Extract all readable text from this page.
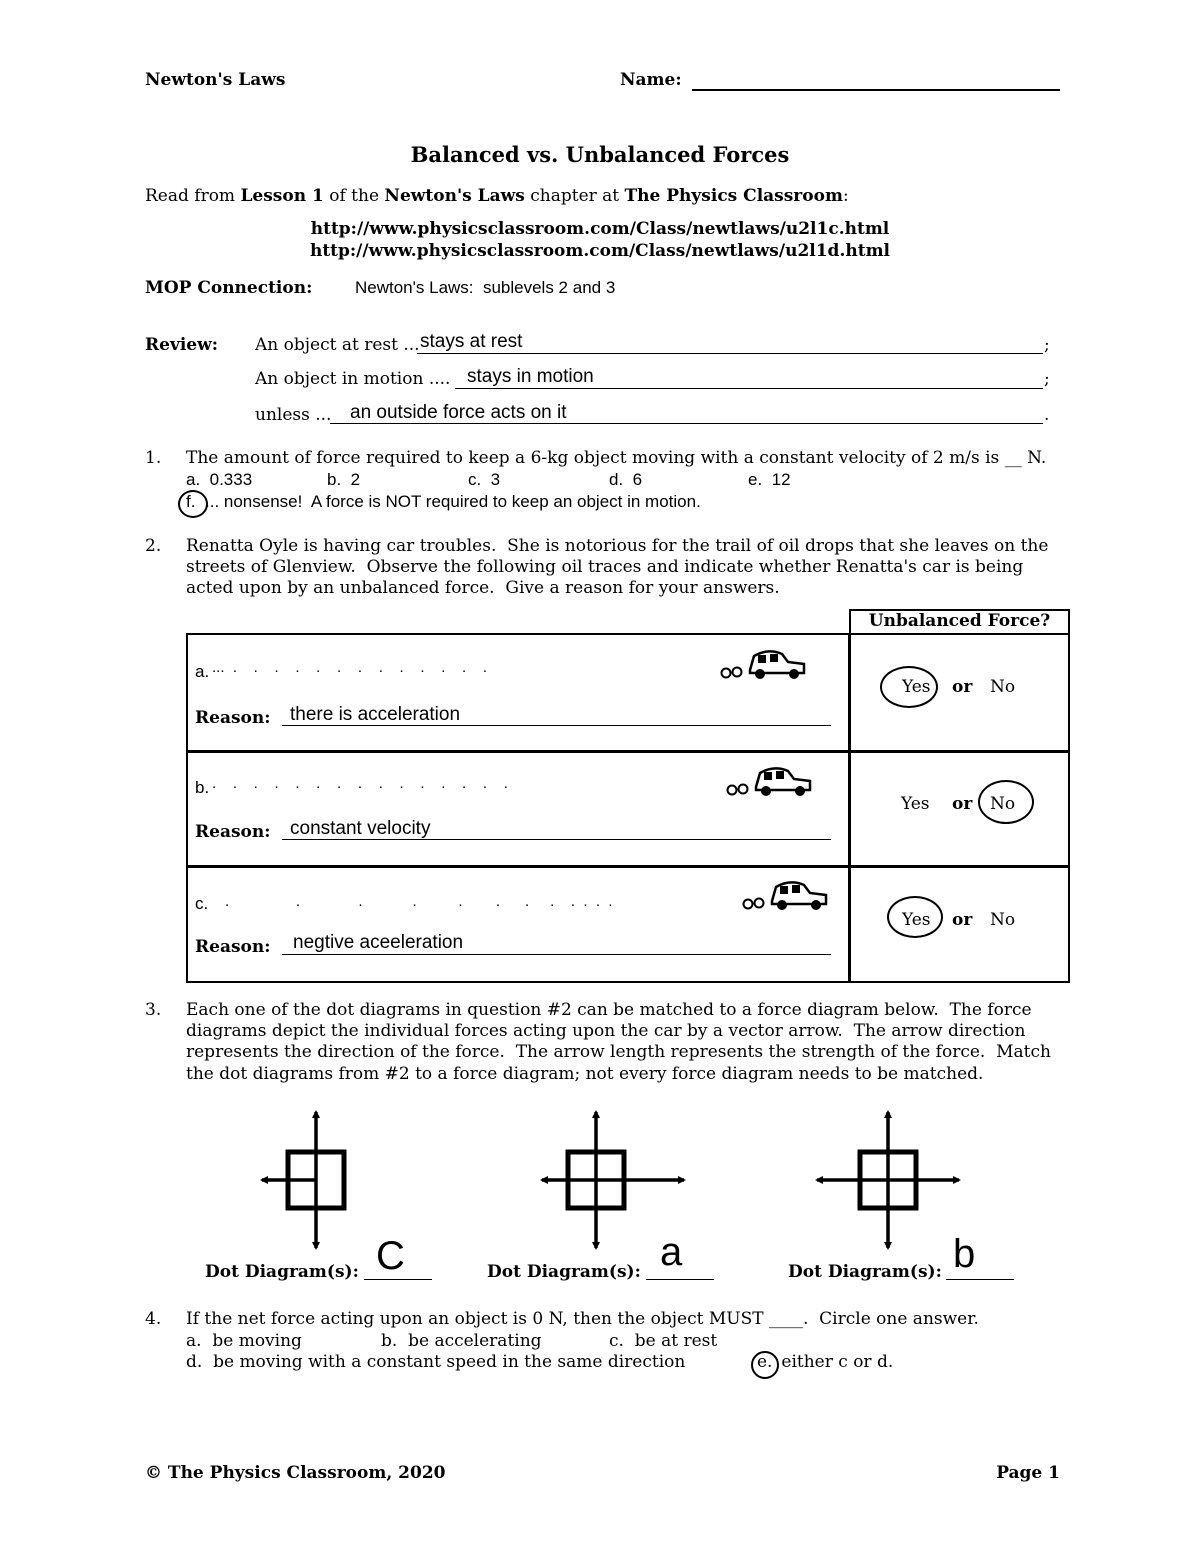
Newton's Laws	Name:
Balanced vs. Unbalanced Forces
Read from Lesson 1 of the Newton's Laws chapter at The Physics Classroom:
http://www.physicsclassroom.com/Class/newtlaws/u2l1c.html
http://www.physicsclassroom.com/Class/newtlaws/u2l1d.html
MOP Connection:	Newton's Laws:  sublevels 2 and 3
Review: An object at rest ... stays at rest	;
An object in motion .... stays in motion	;
unless ... an outside force acts on it	.
1. The amount of force required to keep a 6-kg object moving with a constant velocity of 2 m/s is __ N.
a.  0.333	b.  2	c.  3	d.  6	e.  12
f. ... nonsense!  A force is NOT required to keep an object in motion.
2. Renatta Oyle is having car troubles.  She is notorious for the trail of oil drops that she leaves on the
streets of Glenview.  Observe the following oil traces and indicate whether Renatta's car is being
acted upon by an unbalanced force.  Give a reason for your answers.
Unbalanced Force?
a. ...  .    .    .    .    .    .    .    .    .    .    .    .    .
Reason: there is acceleration
Yes or No
b. .    .    .    .    .    .    .    .    .    .    .    .    .    .    .
Reason: constant velocity
Yes or No
c. .                .              .            .          .        .      .     .    .  .  .  .
Reason: negtive aceeleration
Yes or No
3. Each one of the dot diagrams in question #2 can be matched to a force diagram below.  The force
diagrams depict the individual forces acting upon the car by a vector arrow.  The arrow direction
represents the direction of the force.  The arrow length represents the strength of the force.  Match
the dot diagrams from #2 to a force diagram; not every force diagram needs to be matched.
Dot Diagram(s): C	Dot Diagram(s): a	Dot Diagram(s): b
4. If the net force acting upon an object is 0 N, then the object MUST ____.  Circle one answer.
a.  be moving	b.  be accelerating	c.  be at rest
d.  be moving with a constant speed in the same direction	e. either c or d.
© The Physics Classroom, 2020	Page 1
